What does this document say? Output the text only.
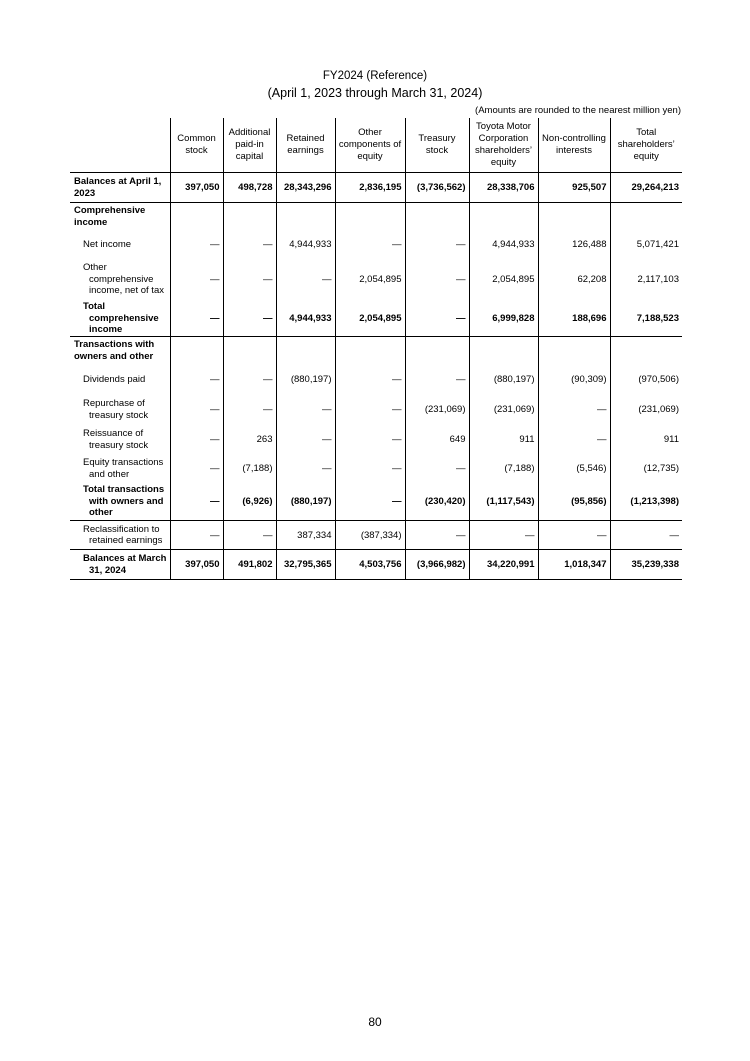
FY2024 (Reference)
(April 1, 2023 through March 31, 2024)
(Amounts are rounded to the nearest million yen)
	Common stock	Additional paid-in capital	Retained earnings	Other components of equity	Treasury stock	Toyota Motor Corporation shareholders’ equity	Non-controlling interests	Total shareholders’ equity
Balances at April 1, 2023	397,050	498,728	28,343,296	2,836,195	(3,736,562)	28,338,706	925,507	29,264,213
Comprehensive income								
Net income	―	―	4,944,933	―	―	4,944,933	126,488	5,071,421
Other comprehensive income, net of tax	―	―	―	2,054,895	―	2,054,895	62,208	2,117,103
Total comprehensive income	―	―	4,944,933	2,054,895	―	6,999,828	188,696	7,188,523
Transactions with owners and other								
Dividends paid	―	―	(880,197)	―	―	(880,197)	(90,309)	(970,506)
Repurchase of treasury stock	―	―	―	―	(231,069)	(231,069)	―	(231,069)
Reissuance of treasury stock	―	263	―	―	649	911	―	911
Equity transactions and other	―	(7,188)	―	―	―	(7,188)	(5,546)	(12,735)
Total transactions with owners and other	―	(6,926)	(880,197)	―	(230,420)	(1,117,543)	(95,856)	(1,213,398)
Reclassification to retained earnings	―	―	387,334	(387,334)	―	―	―	―
Balances at March 31, 2024	397,050	491,802	32,795,365	4,503,756	(3,966,982)	34,220,991	1,018,347	35,239,338
80
